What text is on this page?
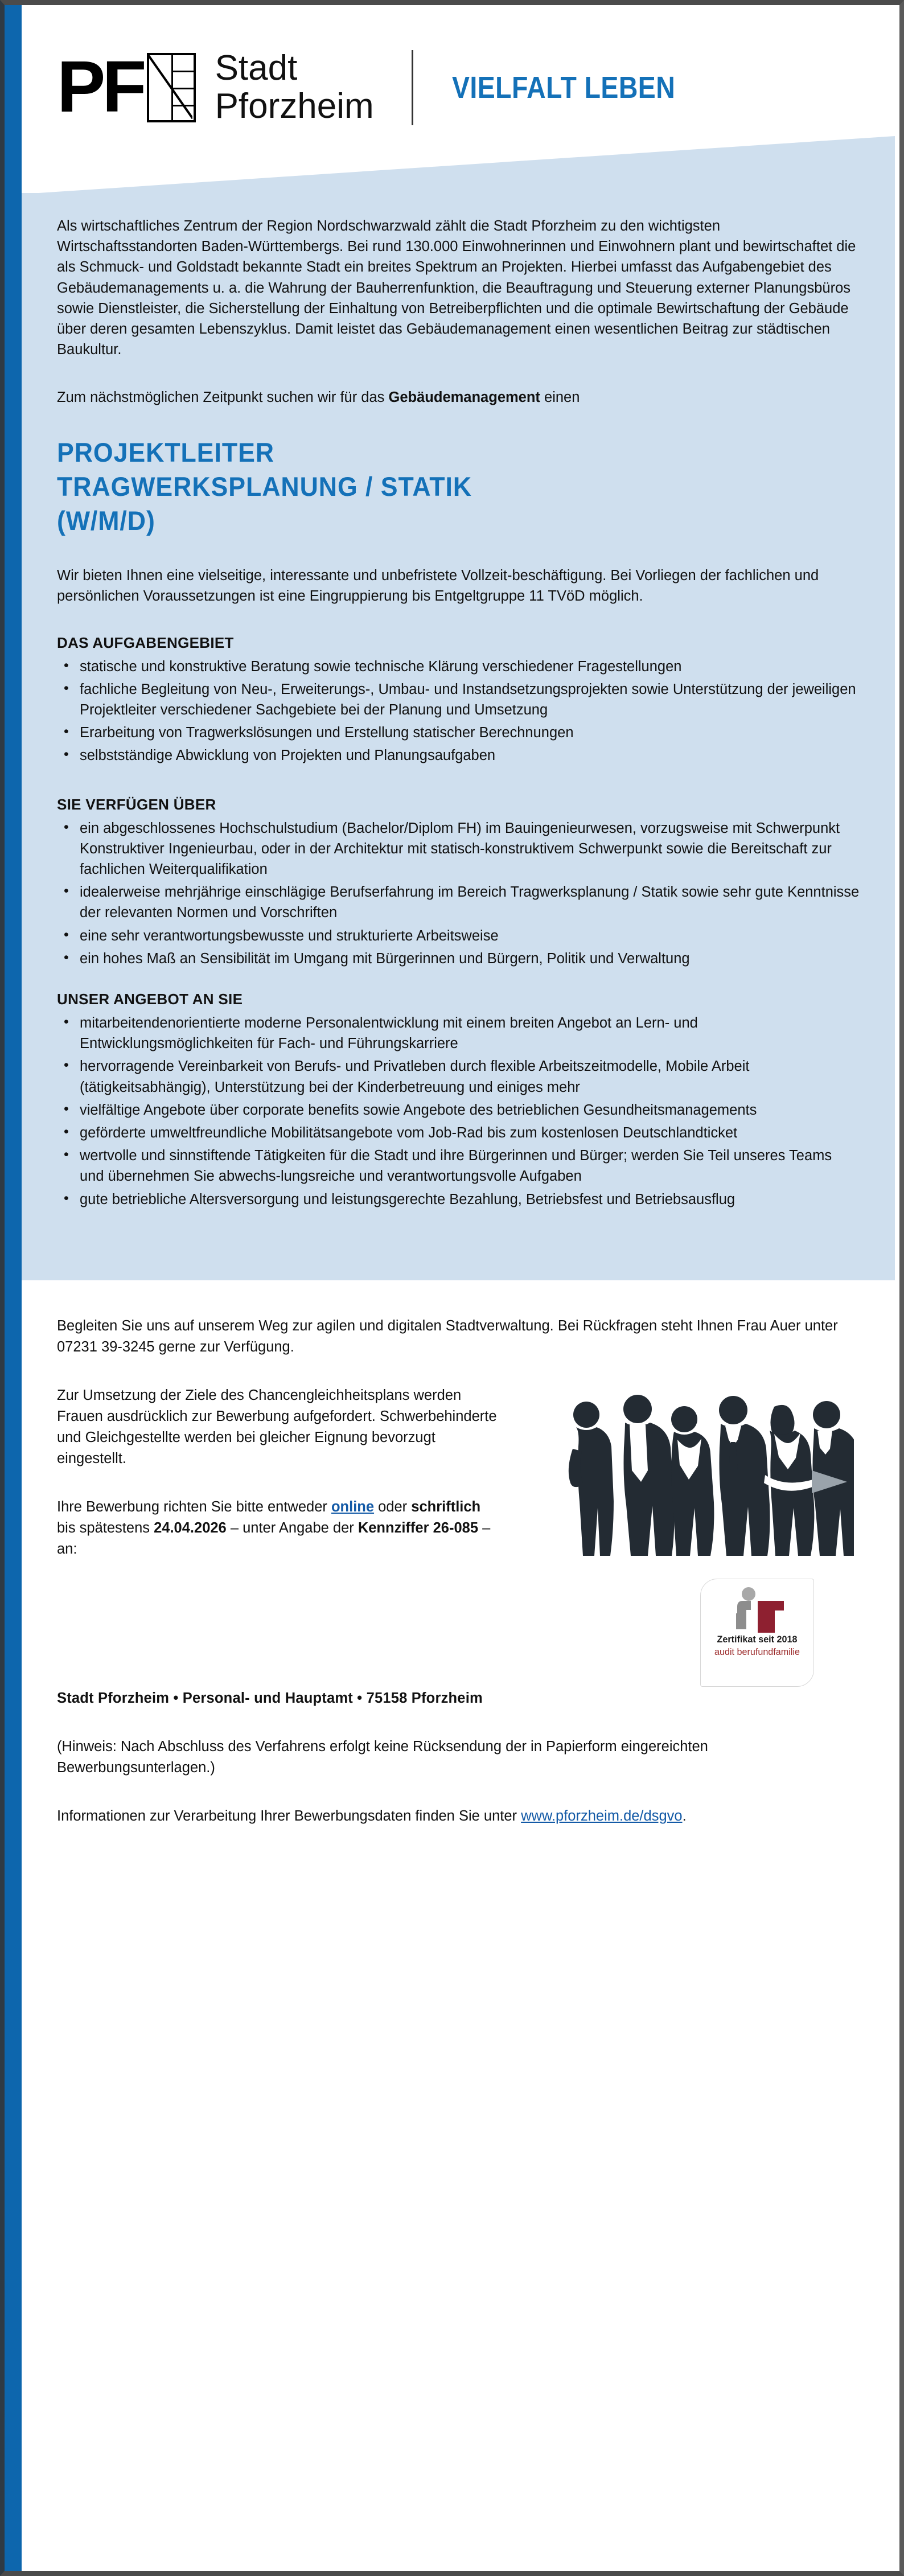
PF Stadt
Pforzheim	VIELFALT LEBEN

Als wirtschaftliches Zentrum der Region Nordschwarzwald zählt die Stadt Pforzheim zu den wichtigsten Wirtschaftsstandorten Baden-Württembergs. Bei rund 130.000 Einwohnerinnen und Einwohnern plant und bewirtschaftet die als Schmuck- und Goldstadt bekannte Stadt ein breites Spektrum an Projekten. Hierbei umfasst das Aufgabengebiet des Gebäudemanagements u. a. die Wahrung der Bauherrenfunktion, die Beauftragung und Steuerung externer Planungsbüros sowie Dienstleister, die Sicherstellung der Einhaltung von Betreiberpflichten und die optimale Bewirtschaftung der Gebäude über deren gesamten Lebenszyklus. Damit leistet das Gebäudemanagement einen wesentlichen Beitrag zur städtischen Baukultur.

Zum nächstmöglichen Zeitpunkt suchen wir für das Gebäudemanagement einen

PROJEKTLEITER
TRAGWERKSPLANUNG / STATIK
(W/M/D)

Wir bieten Ihnen eine vielseitige, interessante und unbefristete Vollzeit-beschäftigung. Bei Vorliegen der fachlichen und persönlichen Voraussetzungen ist eine Eingruppierung bis Entgeltgruppe 11 TVöD möglich.

DAS AUFGABENGEBIET
• statische und konstruktive Beratung sowie technische Klärung verschiedener Fragestellungen
• fachliche Begleitung von Neu-, Erweiterungs-, Umbau- und Instandsetzungsprojekten sowie Unterstützung der jeweiligen Projektleiter verschiedener Sachgebiete bei der Planung und Umsetzung
• Erarbeitung von Tragwerkslösungen und Erstellung statischer Berechnungen
• selbstständige Abwicklung von Projekten und Planungsaufgaben
SIE VERFÜGEN ÜBER
• ein abgeschlossenes Hochschulstudium (Bachelor/Diplom FH) im Bauingenieurwesen, vorzugsweise mit Schwerpunkt Konstruktiver Ingenieurbau, oder in der Architektur mit statisch-konstruktivem Schwerpunkt sowie die Bereitschaft zur fachlichen Weiterqualifikation
• idealerweise mehrjährige einschlägige Berufserfahrung im Bereich Tragwerksplanung / Statik sowie sehr gute Kenntnisse der relevanten Normen und Vorschriften
• eine sehr verantwortungsbewusste und strukturierte Arbeitsweise
• ein hohes Maß an Sensibilität im Umgang mit Bürgerinnen und Bürgern, Politik und Verwaltung
UNSER ANGEBOT AN SIE
• mitarbeitendenorientierte moderne Personalentwicklung mit einem breiten Angebot an Lern- und Entwicklungsmöglichkeiten für Fach- und Führungskarriere
• hervorragende Vereinbarkeit von Berufs- und Privatleben durch flexible Arbeitszeitmodelle, Mobile Arbeit (tätigkeitsabhängig), Unterstützung bei der Kinderbetreuung und einiges mehr
• vielfältige Angebote über corporate benefits sowie Angebote des betrieblichen Gesundheitsmanagements
• geförderte umweltfreundliche Mobilitätsangebote vom Job-Rad bis zum kostenlosen Deutschlandticket
• wertvolle und sinnstiftende Tätigkeiten für die Stadt und ihre Bürgerinnen und Bürger; werden Sie Teil unseres Teams und übernehmen Sie abwechs-lungsreiche und verantwortungsvolle Aufgaben
• gute betriebliche Altersversorgung und leistungsgerechte Bezahlung, Betriebsfest und Betriebsausflug

Begleiten Sie uns auf unserem Weg zur agilen und digitalen Stadtverwaltung. Bei Rückfragen steht Ihnen Frau Auer unter 07231 39-3245 gerne zur Verfügung.

Zur Umsetzung der Ziele des Chancengleichheitsplans werden Frauen ausdrücklich zur Bewerbung aufgefordert. Schwerbehinderte und Gleichgestellte werden bei gleicher Eignung bevorzugt eingestellt.

Ihre Bewerbung richten Sie bitte entweder online oder schriftlich bis spätestens 24.04.2026 – unter Angabe der Kennziffer 26-085 – an:

Zertifikat seit 2018
audit berufundfamilie

Stadt Pforzheim • Personal- und Hauptamt • 75158 Pforzheim

(Hinweis: Nach Abschluss des Verfahrens erfolgt keine Rücksendung der in Papierform eingereichten Bewerbungsunterlagen.)

Informationen zur Verarbeitung Ihrer Bewerbungsdaten finden Sie unter www.pforzheim.de/dsgvo.
